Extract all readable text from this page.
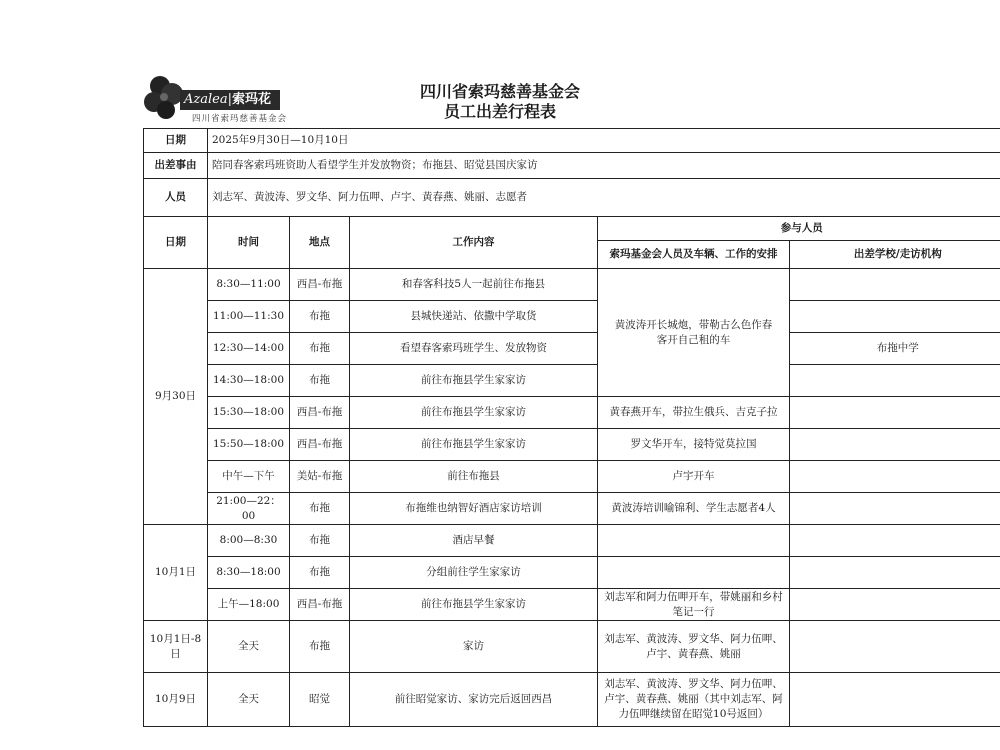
Azalea|索玛花
四川省索玛慈善基金会
四川省索玛慈善基金会
员工出差行程表
日期	2025年9月30日—10月10日				
出差事由	陪同春客索玛班资助人看望学生并发放物资；布拖县、昭觉县国庆家访				
人员	刘志军、黄波涛、罗文华、阿力伍呷、卢宇、黄春燕、姚丽、志愿者				
日期	时间	地点	工作内容	参与人员	
				索玛基金会人员及车辆、工作的安排	出差学校/走访机构
9月30日	8:30—11:00	西昌-布拖	和春客科技5人一起前往布拖县	黄波涛开长城炮，带勒古么色作春客开自己租的车	
	11:00—11:30	布拖	县城快递站、依撒中学取货		
	12:30—14:00	布拖	看望春客索玛班学生、发放物资		布拖中学
	14:30—18:00	布拖	前往布拖县学生家家访		
	15:30—18:00	西昌-布拖	前往布拖县学生家家访	黄春燕开车，带拉生俄兵、吉克子拉	
	15:50—18:00	西昌-布拖	前往布拖县学生家家访	罗文华开车，接特觉莫拉国	
	中午—下午	美姑-布拖	前往布拖县	卢宇开车	
	21:00—22：00	布拖	布拖维也纳智好酒店家访培训	黄波涛培训喻锦利、学生志愿者4人	
10月1日	8:00—8:30	布拖	酒店早餐		
	8:30—18:00	布拖	分组前往学生家家访		
	上午—18:00	西昌-布拖	前往布拖县学生家家访	刘志军和阿力伍呷开车，带姚丽和乡村笔记一行	
10月1日-8日	全天	布拖	家访	刘志军、黄波涛、罗文华、阿力伍呷、卢宇、黄春燕、姚丽	
10月9日	全天	昭觉	前往昭觉家访、家访完后返回西昌	刘志军、黄波涛、罗文华、阿力伍呷、卢宇、黄春燕、姚丽（其中刘志军、阿力伍呷继续留在昭觉10号返回）	
